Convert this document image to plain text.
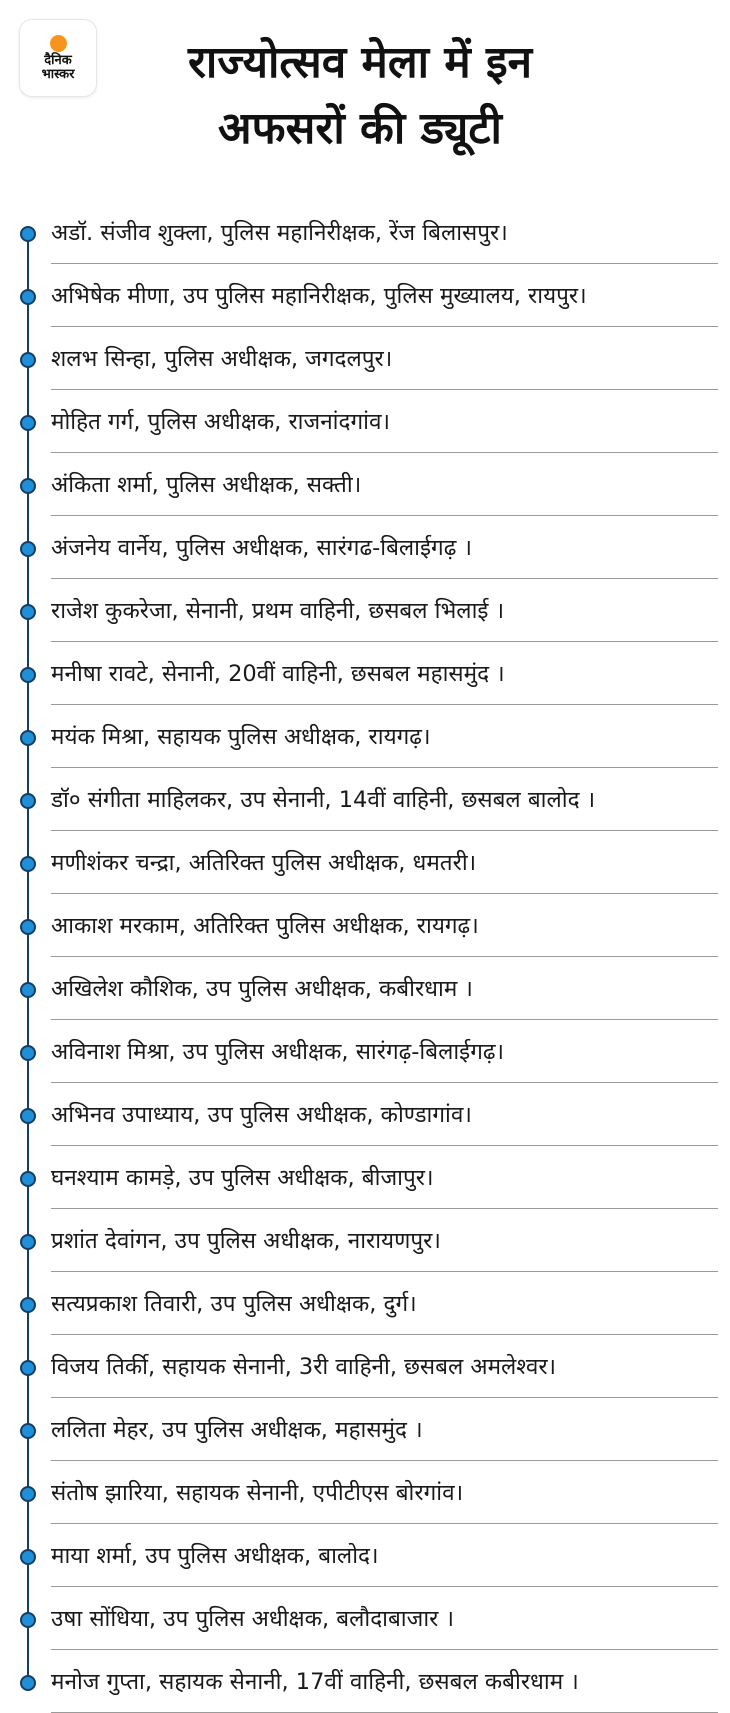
दैनिक
भास्कर	राज्योत्सव मेला में इन
अफसरों की ड्यूटी
अडॉ. संजीव शुक्ला, पुलिस महानिरीक्षक, रेंज बिलासपुर।
अभिषेक मीणा, उप पुलिस महानिरीक्षक, पुलिस मुख्यालय, रायपुर।
शलभ सिन्हा, पुलिस अधीक्षक, जगदलपुर।
मोहित गर्ग, पुलिस अधीक्षक, राजनांदगांव।
अंकिता शर्मा, पुलिस अधीक्षक, सक्ती।
अंजनेय वार्नेय, पुलिस अधीक्षक, सारंगढ-बिलाईगढ़ ।
राजेश कुकरेजा, सेनानी, प्रथम वाहिनी, छसबल भिलाई ।
मनीषा रावटे, सेनानी, 20वीं वाहिनी, छसबल महासमुंद ।
मयंक मिश्रा, सहायक पुलिस अधीक्षक, रायगढ़।
डॉ० संगीता माहिलकर, उप सेनानी, 14वीं वाहिनी, छसबल बालोद ।
मणीशंकर चन्द्रा, अतिरिक्त पुलिस अधीक्षक, धमतरी।
आकाश मरकाम, अतिरिक्त पुलिस अधीक्षक, रायगढ़।
अखिलेश कौशिक, उप पुलिस अधीक्षक, कबीरधाम ।
अविनाश मिश्रा, उप पुलिस अधीक्षक, सारंगढ़-बिलाईगढ़।
अभिनव उपाध्याय, उप पुलिस अधीक्षक, कोण्डागांव।
घनश्याम कामड़े, उप पुलिस अधीक्षक, बीजापुर।
प्रशांत देवांगन, उप पुलिस अधीक्षक, नारायणपुर।
सत्यप्रकाश तिवारी, उप पुलिस अधीक्षक, दुर्ग।
विजय तिर्की, सहायक सेनानी, 3री वाहिनी, छसबल अमलेश्वर।
ललिता मेहर, उप पुलिस अधीक्षक, महासमुंद ।
संतोष झारिया, सहायक सेनानी, एपीटीएस बोरगांव।
माया शर्मा, उप पुलिस अधीक्षक, बालोद।
उषा सोंधिया, उप पुलिस अधीक्षक, बलौदाबाजार ।
मनोज गुप्ता, सहायक सेनानी, 17वीं वाहिनी, छसबल कबीरधाम ।
